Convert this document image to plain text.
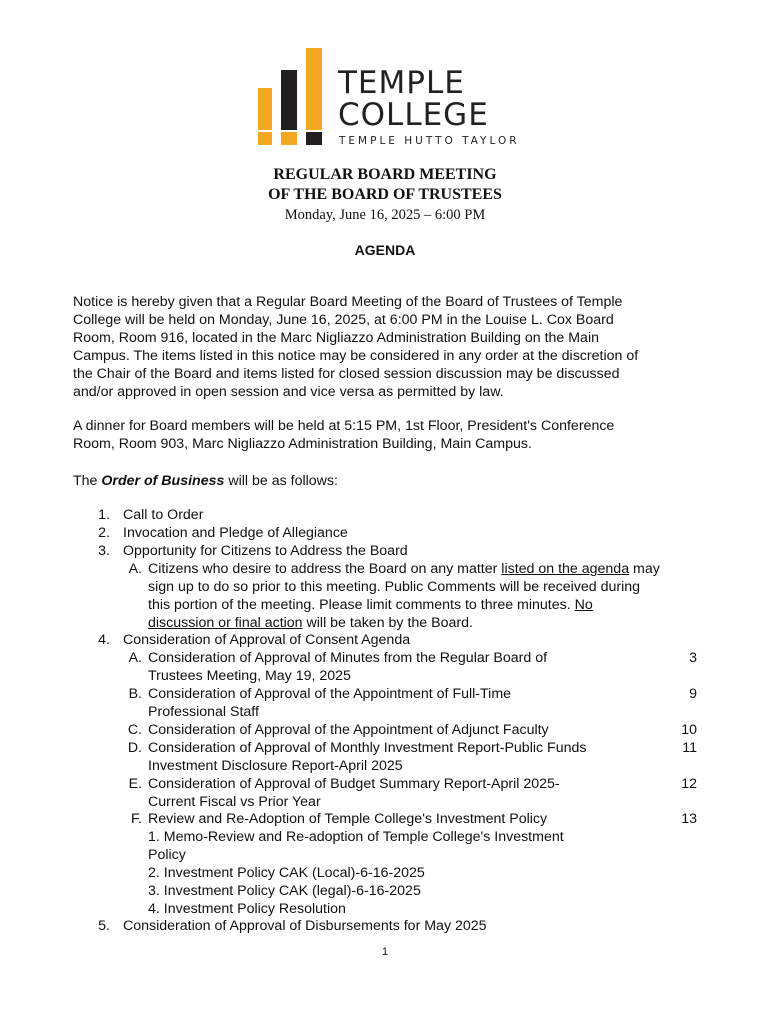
TEMPLE
COLLEGE
TEMPLE HUTTO TAYLOR
REGULAR BOARD MEETING
OF THE BOARD OF TRUSTEES
Monday, June 16, 2025 – 6:00 PM
AGENDA
Notice is hereby given that a Regular Board Meeting of the Board of Trustees of Temple
College will be held on Monday, June 16, 2025, at 6:00 PM in the Louise L. Cox Board
Room, Room 916, located in the Marc Nigliazzo Administration Building on the Main
Campus. The items listed in this notice may be considered in any order at the discretion of
the Chair of the Board and items listed for closed session discussion may be discussed
and/or approved in open session and vice versa as permitted by law.
A dinner for Board members will be held at 5:15 PM, 1st Floor, President's Conference
Room, Room 903, Marc Nigliazzo Administration Building, Main Campus.
The Order of Business will be as follows:
1. Call to Order
2. Invocation and Pledge of Allegiance
3. Opportunity for Citizens to Address the Board
A. Citizens who desire to address the Board on any matter listed on the agenda may
sign up to do so prior to this meeting. Public Comments will be received during
this portion of the meeting. Please limit comments to three minutes. No
discussion or final action will be taken by the Board.
4. Consideration of Approval of Consent Agenda
A. Consideration of Approval of Minutes from the Regular Board of
Trustees Meeting, May 19, 2025
3
B. Consideration of Approval of the Appointment of Full-Time
Professional Staff
9
C. Consideration of Approval of the Appointment of Adjunct Faculty	10
D. Consideration of Approval of Monthly Investment Report-Public Funds
Investment Disclosure Report-April 2025
11
E. Consideration of Approval of Budget Summary Report-April 2025-
Current Fiscal vs Prior Year
12
F. Review and Re-Adoption of Temple College's Investment Policy
1. Memo-Review and Re-adoption of Temple College's Investment
Policy
2. Investment Policy CAK (Local)-6-16-2025
3. Investment Policy CAK (legal)-6-16-2025
4. Investment Policy Resolution
13
5. Consideration of Approval of Disbursements for May 2025
1
